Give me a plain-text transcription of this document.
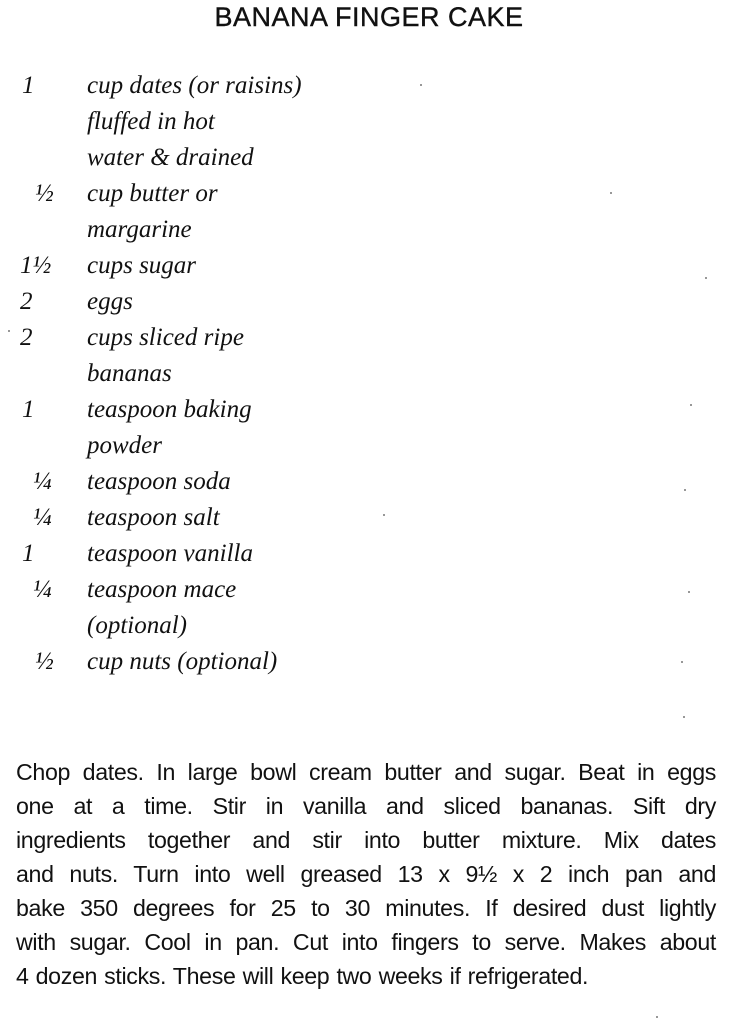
BANANA FINGER CAKE
1 cup dates (or raisins)
fluffed in hot
water & drained
½ cup butter or
margarine
1½ cups sugar
2 eggs
2 cups sliced ripe
bananas
1 teaspoon baking
powder
¼ teaspoon soda
¼ teaspoon salt
1 teaspoon vanilla
¼ teaspoon mace
(optional)
½ cup nuts (optional)
Chop dates. In large bowl cream butter and sugar. Beat in eggs
one at a time. Stir in vanilla and sliced bananas. Sift dry
ingredients together and stir into butter mixture. Mix dates
and nuts. Turn into well greased 13 x 9½ x 2 inch pan and
bake 350 degrees for 25 to 30 minutes. If desired dust lightly
with sugar. Cool in pan. Cut into fingers to serve. Makes about
4 dozen sticks. These will keep two weeks if refrigerated.
